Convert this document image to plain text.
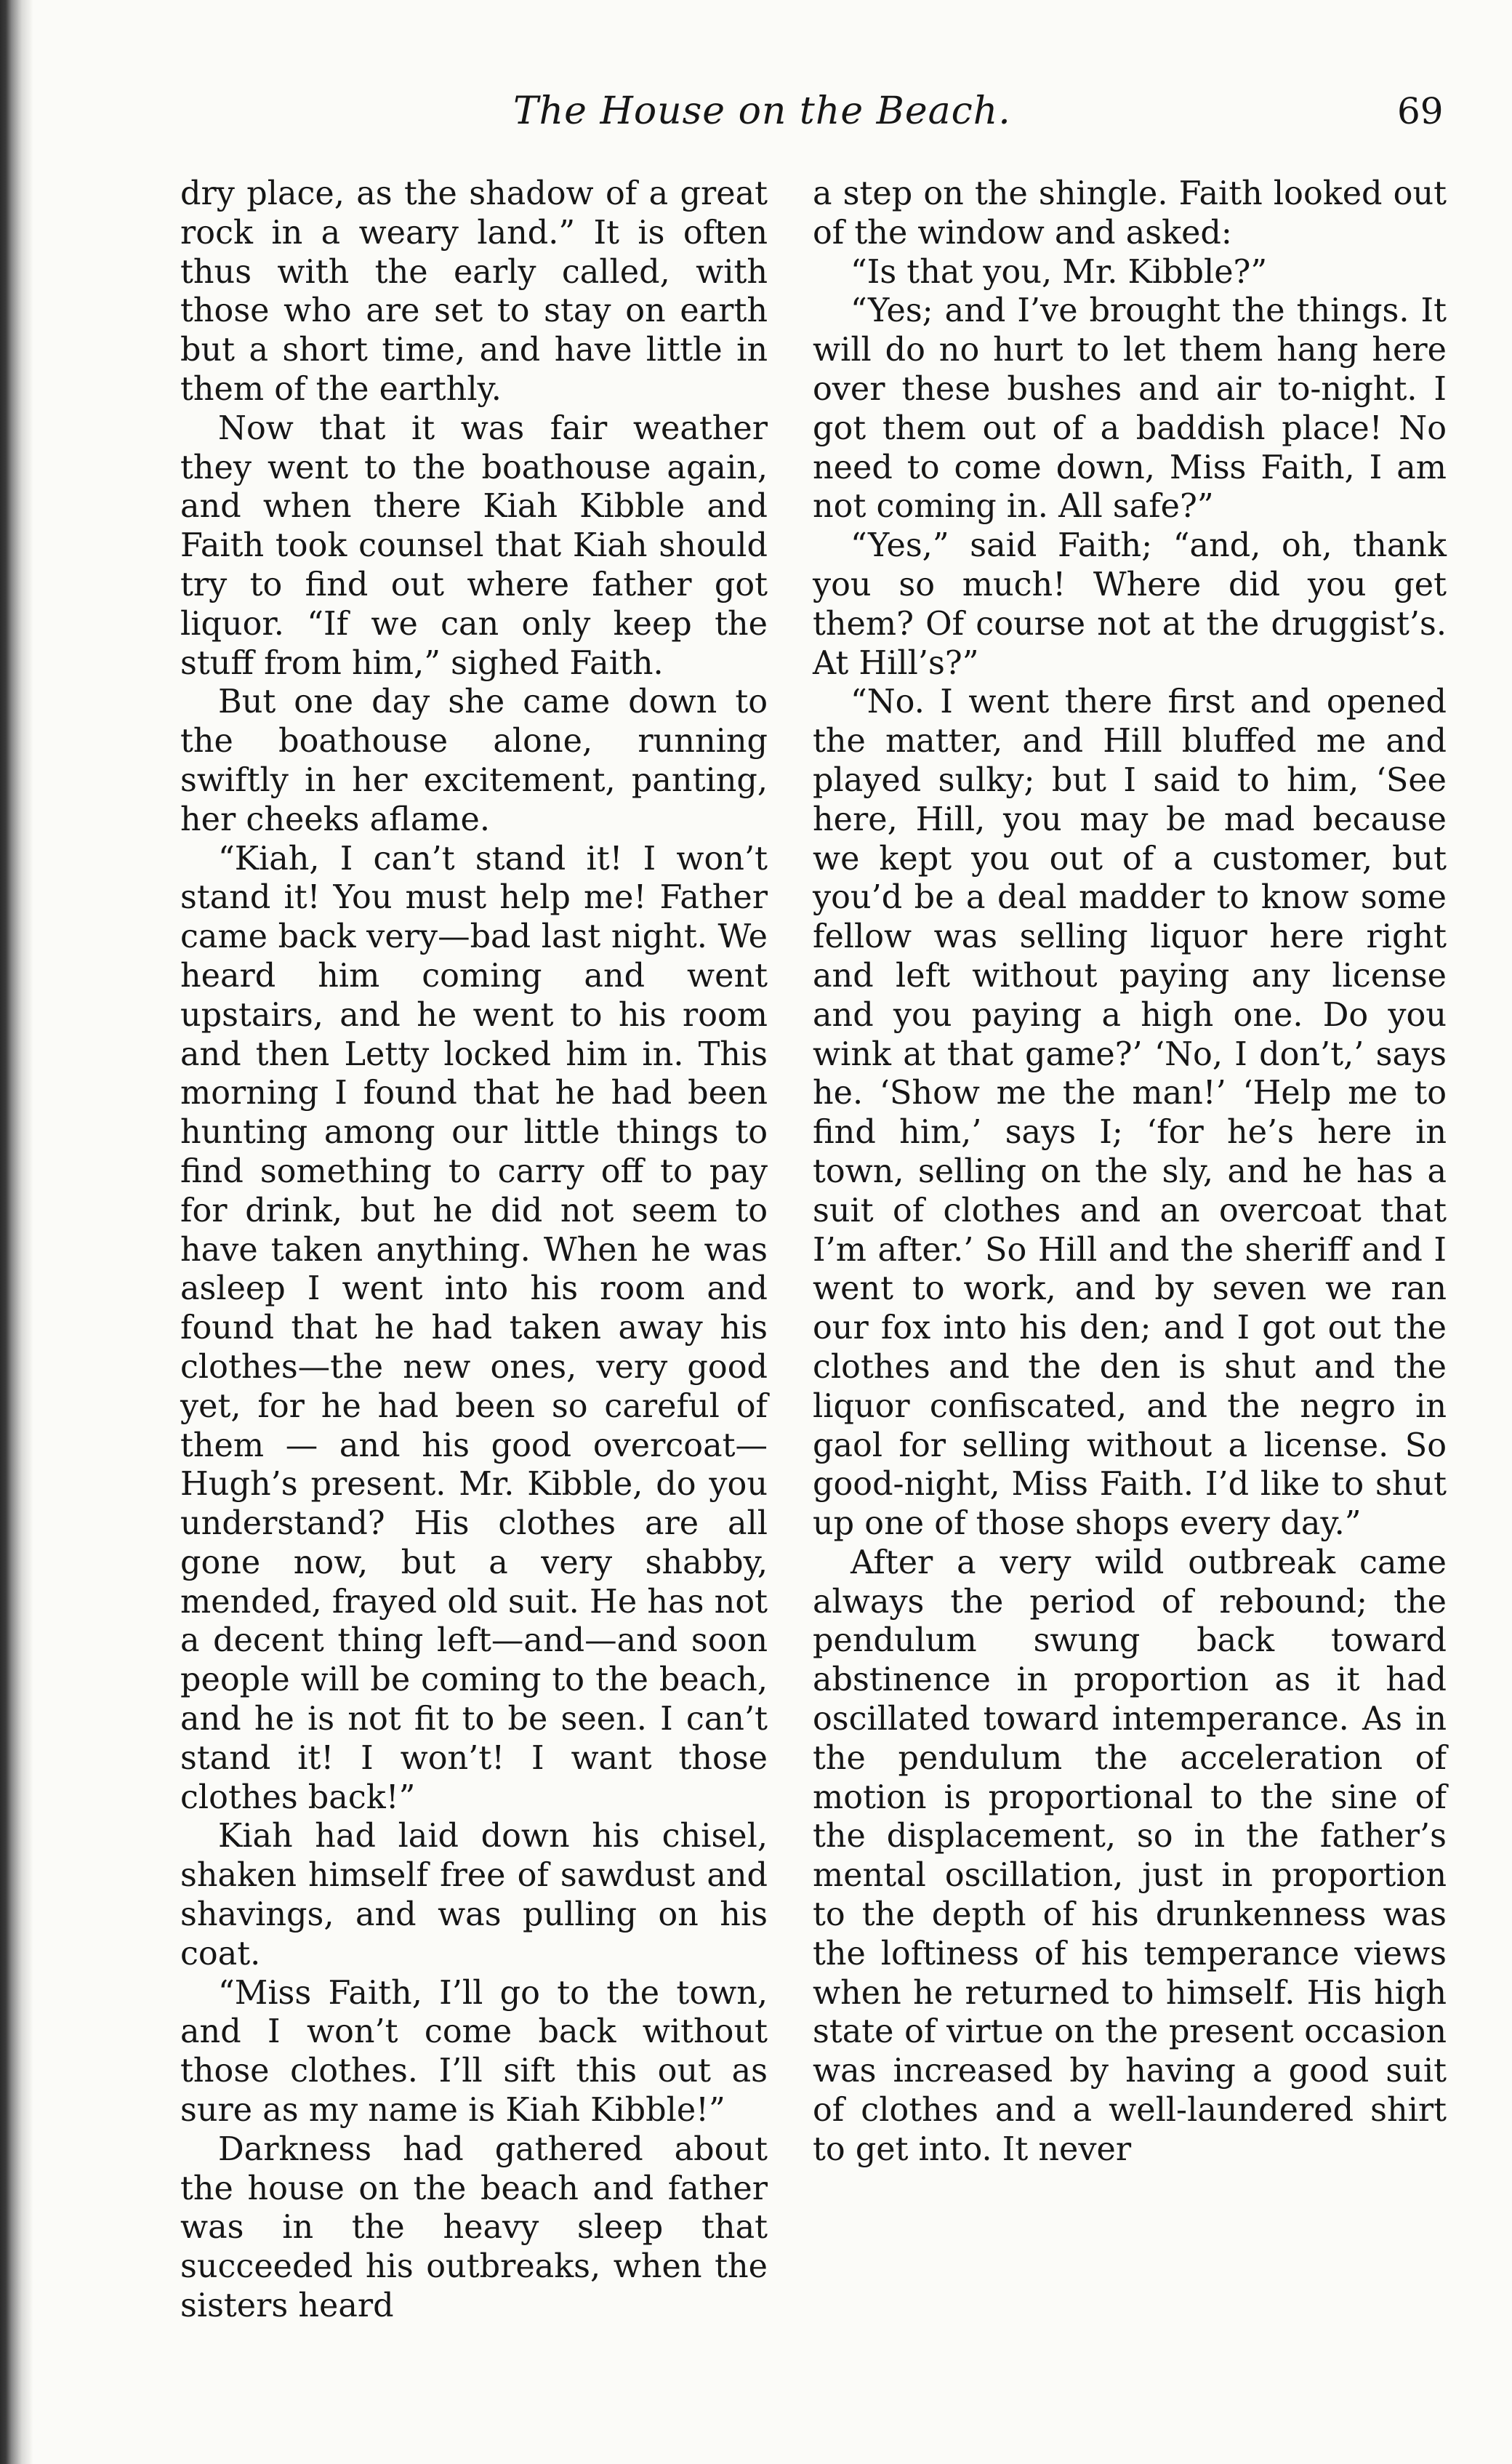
The House on the Beach.	69

dry place, as the shadow of a great rock in a weary land.” It is often thus with the early called, with those who are set to stay on earth but a short time, and have little in them of the earthly.

Now that it was fair weather they went to the boathouse again, and when there Kiah Kibble and Faith took counsel that Kiah should try to find out where father got liquor. “If we can only keep the stuff from him,” sighed Faith.

But one day she came down to the boathouse alone, running swiftly in her excitement, panting, her cheeks aflame.

“Kiah, I can’t stand it! I won’t stand it! You must help me! Father came back very—bad last night. We heard him coming and went upstairs, and he went to his room and then Letty locked him in. This morning I found that he had been hunting among our little things to find something to carry off to pay for drink, but he did not seem to have taken anything. When he was asleep I went into his room and found that he had taken away his clothes—the new ones, very good yet, for he had been so careful of them — and his good overcoat—Hugh’s present. Mr. Kibble, do you understand? His clothes are all gone now, but a very shabby, mended, frayed old suit. He has not a decent thing left—and—and soon people will be coming to the beach, and he is not fit to be seen. I can’t stand it! I won’t! I want those clothes back!”

Kiah had laid down his chisel, shaken himself free of sawdust and shavings, and was pulling on his coat.

“Miss Faith, I’ll go to the town, and I won’t come back without those clothes. I’ll sift this out as sure as my name is Kiah Kibble!”

Darkness had gathered about the house on the beach and father was in the heavy sleep that succeeded his outbreaks, when the sisters heard

a step on the shingle. Faith looked out of the window and asked:

“Is that you, Mr. Kibble?”

“Yes; and I’ve brought the things. It will do no hurt to let them hang here over these bushes and air to-night. I got them out of a baddish place! No need to come down, Miss Faith, I am not coming in. All safe?”

“Yes,” said Faith; “and, oh, thank you so much! Where did you get them? Of course not at the druggist’s. At Hill’s?”

“No. I went there first and opened the matter, and Hill bluffed me and played sulky; but I said to him, ‘See here, Hill, you may be mad because we kept you out of a customer, but you’d be a deal madder to know some fellow was selling liquor here right and left without paying any license and you paying a high one. Do you wink at that game?’ ‘No, I don’t,’ says he. ‘Show me the man!’ ‘Help me to find him,’ says I; ‘for he’s here in town, selling on the sly, and he has a suit of clothes and an overcoat that I’m after.’ So Hill and the sheriff and I went to work, and by seven we ran our fox into his den; and I got out the clothes and the den is shut and the liquor confiscated, and the negro in gaol for selling without a license. So good-night, Miss Faith. I’d like to shut up one of those shops every day.”

After a very wild outbreak came always the period of rebound; the pendulum swung back toward abstinence in proportion as it had oscillated toward intemperance. As in the pendulum the acceleration of motion is proportional to the sine of the displacement, so in the father’s mental oscillation, just in proportion to the depth of his drunkenness was the loftiness of his temperance views when he returned to himself. His high state of virtue on the present occasion was increased by having a good suit of clothes and a well-laundered shirt to get into. It never
